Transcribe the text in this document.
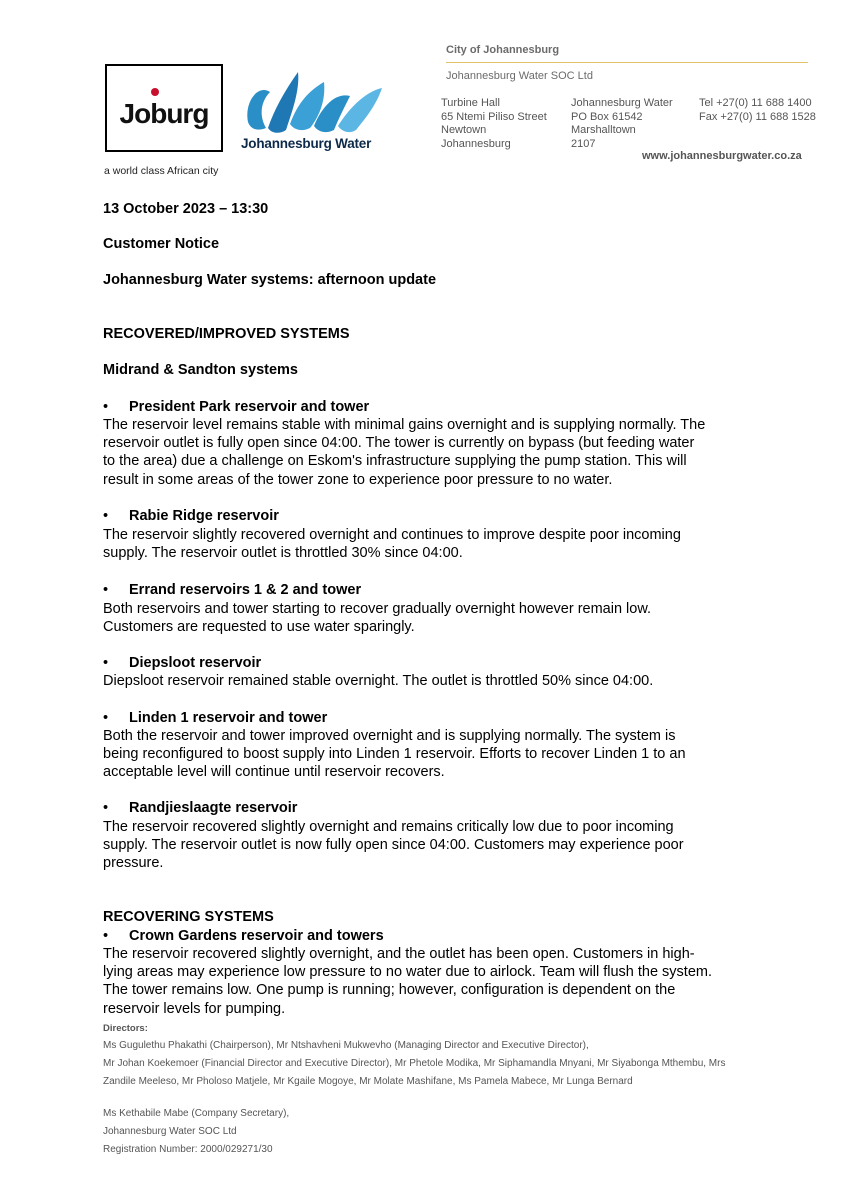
Joburg
a world class African city
Johannesburg Water
City of Johannesburg
Johannesburg Water SOC Ltd
Turbine Hall
65 Ntemi Piliso Street
Newtown
Johannesburg
Johannesburg Water
PO Box 61542
Marshalltown
2107
Tel +27(0) 11 688 1400
Fax +27(0) 11 688 1528
www.johannesburgwater.co.za
13 October 2023 – 13:30
Customer Notice
Johannesburg Water systems: afternoon update
RECOVERED/IMPROVED SYSTEMS
Midrand & Sandton systems
• President Park reservoir and tower
The reservoir level remains stable with minimal gains overnight and is supplying normally. The
reservoir outlet is fully open since 04:00. The tower is currently on bypass (but feeding water
to the area) due a challenge on Eskom's infrastructure supplying the pump station. This will
result in some areas of the tower zone to experience poor pressure to no water.
• Rabie Ridge reservoir
The reservoir slightly recovered overnight and continues to improve despite poor incoming
supply. The reservoir outlet is throttled 30% since 04:00.
• Errand reservoirs 1 & 2 and tower
Both reservoirs and tower starting to recover gradually overnight however remain low.
Customers are requested to use water sparingly.
• Diepsloot reservoir
Diepsloot reservoir remained stable overnight. The outlet is throttled 50% since 04:00.
• Linden 1 reservoir and tower
Both the reservoir and tower improved overnight and is supplying normally. The system is
being reconfigured to boost supply into Linden 1 reservoir. Efforts to recover Linden 1 to an
acceptable level will continue until reservoir recovers.
• Randjieslaagte reservoir
The reservoir recovered slightly overnight and remains critically low due to poor incoming
supply. The reservoir outlet is now fully open since 04:00. Customers may experience poor
pressure.
RECOVERING SYSTEMS
• Crown Gardens reservoir and towers
The reservoir recovered slightly overnight, and the outlet has been open. Customers in high-
lying areas may experience low pressure to no water due to airlock. Team will flush the system.
The tower remains low. One pump is running; however, configuration is dependent on the
reservoir levels for pumping.
Directors:
Ms Gugulethu Phakathi (Chairperson), Mr Ntshavheni Mukwevho (Managing Director and Executive Director),
Mr Johan Koekemoer (Financial Director and Executive Director), Mr Phetole Modika, Mr Siphamandla Mnyani, Mr Siyabonga Mthembu, Mrs
Zandile Meeleso, Mr Pholoso Matjele, Mr Kgaile Mogoye, Mr Molate Mashifane, Ms Pamela Mabece, Mr Lunga Bernard
Ms Kethabile Mabe (Company Secretary),
Johannesburg Water SOC Ltd
Registration Number: 2000/029271/30
